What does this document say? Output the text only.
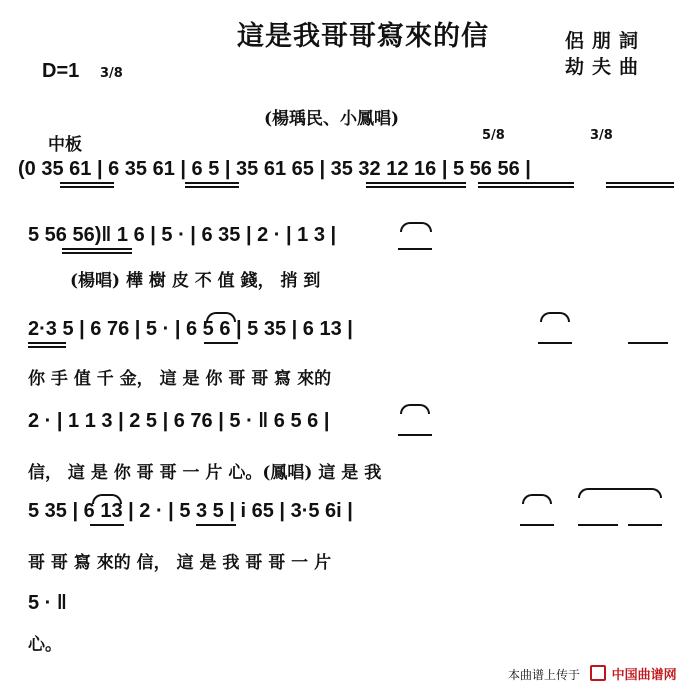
這是我哥哥寫來的信	侶朋詞
劫夫曲
D=1 3/8
(楊瑀民、小鳳唱)
中板	5/8	3/8
(0 35 61 | 6 35 61 | 6 5 | 35 61 65 | 35 32 12 16 | 5 56 56 |
5 56 56)‖ 1 6 | 5 · | 6 35 | 2 · | 1 3 |
(楊唱) 樺 樹 皮 不 值 錢， 捎 到
2·3 5 | 6 76 | 5 · | 6 5 6 | 5 35 | 6 13 |
你 手 值 千 金， 這 是 你 哥 哥 寫 來的
2 · | 1 1 3 | 2 5 | 6 76 | 5 · ‖ 6 5 6 |
信， 這 是 你 哥 哥 一 片 心。(鳳唱) 這 是 我
5 35 | 6 13 | 2 · | 5 3 5 | i 65 | 3·5 6i |
哥 哥 寫 來的 信， 這 是 我 哥 哥 一 片
5 · ‖
心。
本曲谱上传于	中国曲谱网
